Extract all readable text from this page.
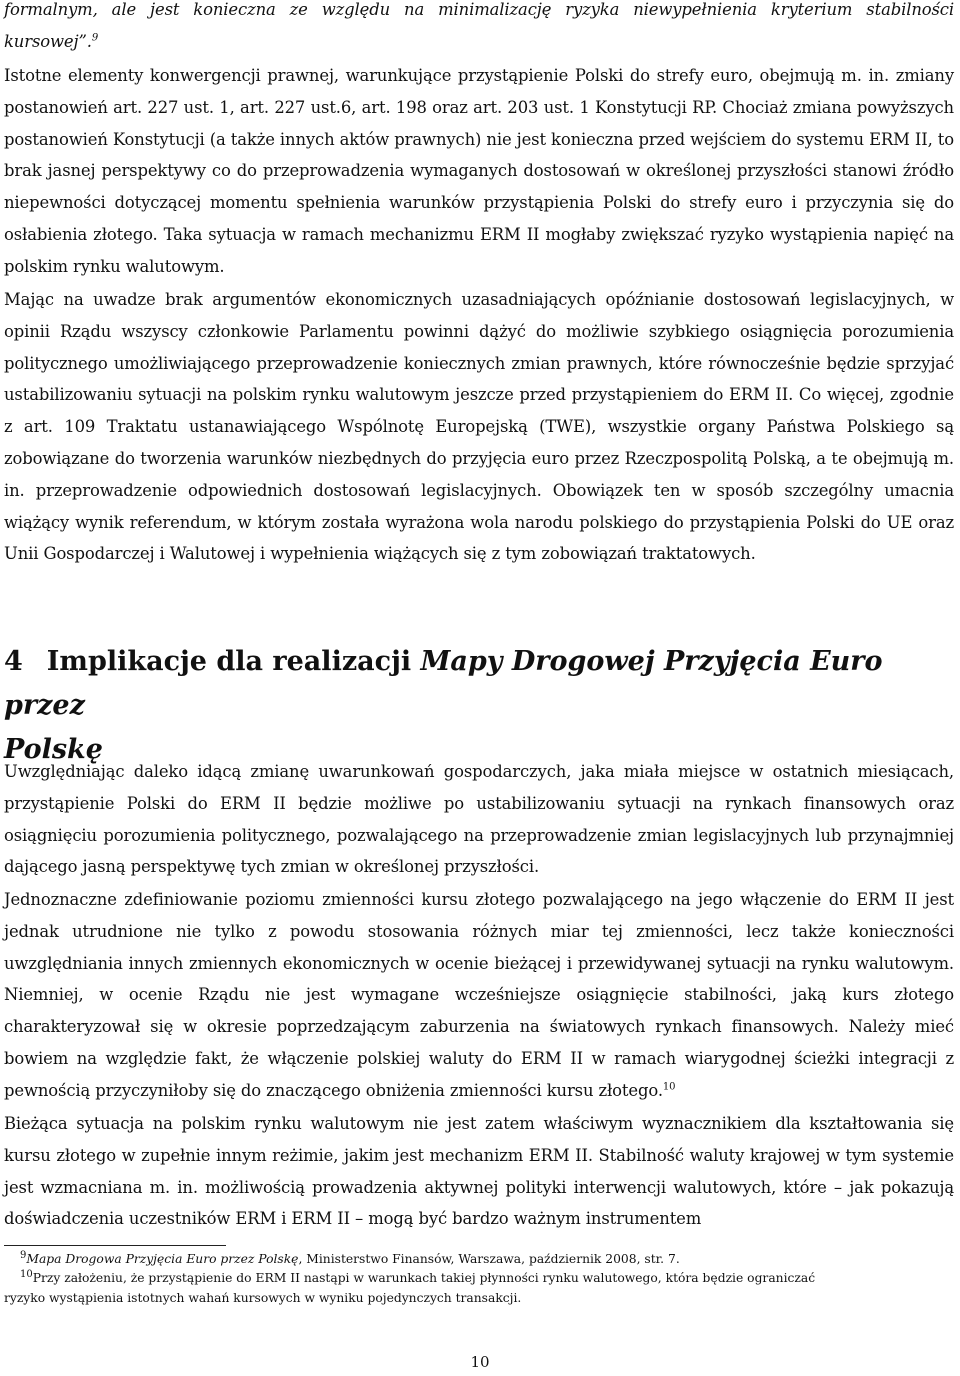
formalnym, ale jest konieczna ze względu na minimalizację ryzyka niewypełnienia kryterium stabilności
kursowej”.$^9$

Istotne elementy konwergencji prawnej, warunkujące przystąpienie Polski do strefy euro, obejmują m. in. zmiany postanowień art. 227 ust. 1, art. 227 ust.6, art. 198 oraz art. 203 ust. 1 Konstytucji RP. Chociaż zmiana powyższych postanowień Konstytucji (a także innych aktów prawnych) nie jest konieczna przed wejściem do systemu ERM II, to brak jasnej perspektywy co do przeprowadzenia wymaganych dostosowań w określonej przyszłości stanowi źródło niepewności dotyczącej momentu spełnienia warunków przystąpienia Polski do strefy euro i przyczynia się do osłabienia złotego. Taka sytuacja w ramach mechanizmu ERM II mogłaby zwiększać ryzyko wystąpienia napięć na polskim rynku walutowym.

Mając na uwadze brak argumentów ekonomicznych uzasadniających opóźnianie dostosowań legislacyjnych, w opinii Rządu wszyscy członkowie Parlamentu powinni dążyć do możliwie szybkiego osiągnięcia porozumienia politycznego umożliwiającego przeprowadzenie koniecznych zmian prawnych, które równocześnie będzie sprzyjać ustabilizowaniu sytuacji na polskim rynku walutowym jeszcze przed przystąpieniem do ERM II. Co więcej, zgodnie z art. 109 Traktatu ustanawiającego Wspólnotę Europejską (TWE), wszystkie organy Państwa Polskiego są zobowiązane do tworzenia warunków niezbędnych do przyjęcia euro przez Rzeczpospolitą Polską, a te obejmują m. in. przeprowadzenie odpowiednich dostosowań legislacyjnych. Obowiązek ten w sposób szczególny umacnia wiążący wynik referendum, w którym została wyrażona wola narodu polskiego do przystąpienia Polski do UE oraz Unii Gospodarczej i Walutowej i wypełnienia wiążących się z tym zobowiązań traktatowych.

4 Implikacje dla realizacji Mapy Drogowej Przyjęcia Euro przez
Polskę

Uwzględniając daleko idącą zmianę uwarunkowań gospodarczych, jaka miała miejsce w ostatnich miesiącach, przystąpienie Polski do ERM II będzie możliwe po ustabilizowaniu sytuacji na rynkach finansowych oraz osiągnięciu porozumienia politycznego, pozwalającego na przeprowadzenie zmian legislacyjnych lub przynajmniej dającego jasną perspektywę tych zmian w określonej przyszłości.

Jednoznaczne zdefiniowanie poziomu zmienności kursu złotego pozwalającego na jego włączenie do ERM II jest jednak utrudnione nie tylko z powodu stosowania różnych miar tej zmienności, lecz także konieczności uwzględniania innych zmiennych ekonomicznych w ocenie bieżącej i przewidywanej sytuacji na rynku walutowym. Niemniej, w ocenie Rządu nie jest wymagane wcześniejsze osiągnięcie stabilności, jaką kurs złotego charakteryzował się w okresie poprzedzającym zaburzenia na światowych rynkach finansowych. Należy mieć bowiem na względzie fakt, że włączenie polskiej waluty do ERM II w ramach wiarygodnej ścieżki integracji z pewnością przyczyniłoby się do znaczącego obniżenia zmienności kursu złotego.$^{10}$

Bieżąca sytuacja na polskim rynku walutowym nie jest zatem właściwym wyznacznikiem dla kształtowania się kursu złotego w zupełnie innym reżimie, jakim jest mechanizm ERM II. Stabilność waluty krajowej w tym systemie jest wzmacniana m. in. możliwością prowadzenia aktywnej polityki interwencji walutowych, które – jak pokazują doświadczenia uczestników ERM i ERM II – mogą być bardzo ważnym instrumentem

$^9$Mapa Drogowa Przyjęcia Euro przez Polskę, Ministerstwo Finansów, Warszawa, październik 2008, str. 7.

$^{10}$Przy założeniu, że przystąpienie do ERM II nastąpi w warunkach takiej płynności rynku walutowego, która będzie ograniczać
ryzyko wystąpienia istotnych wahań kursowych w wyniku pojedynczych transakcji.

10
